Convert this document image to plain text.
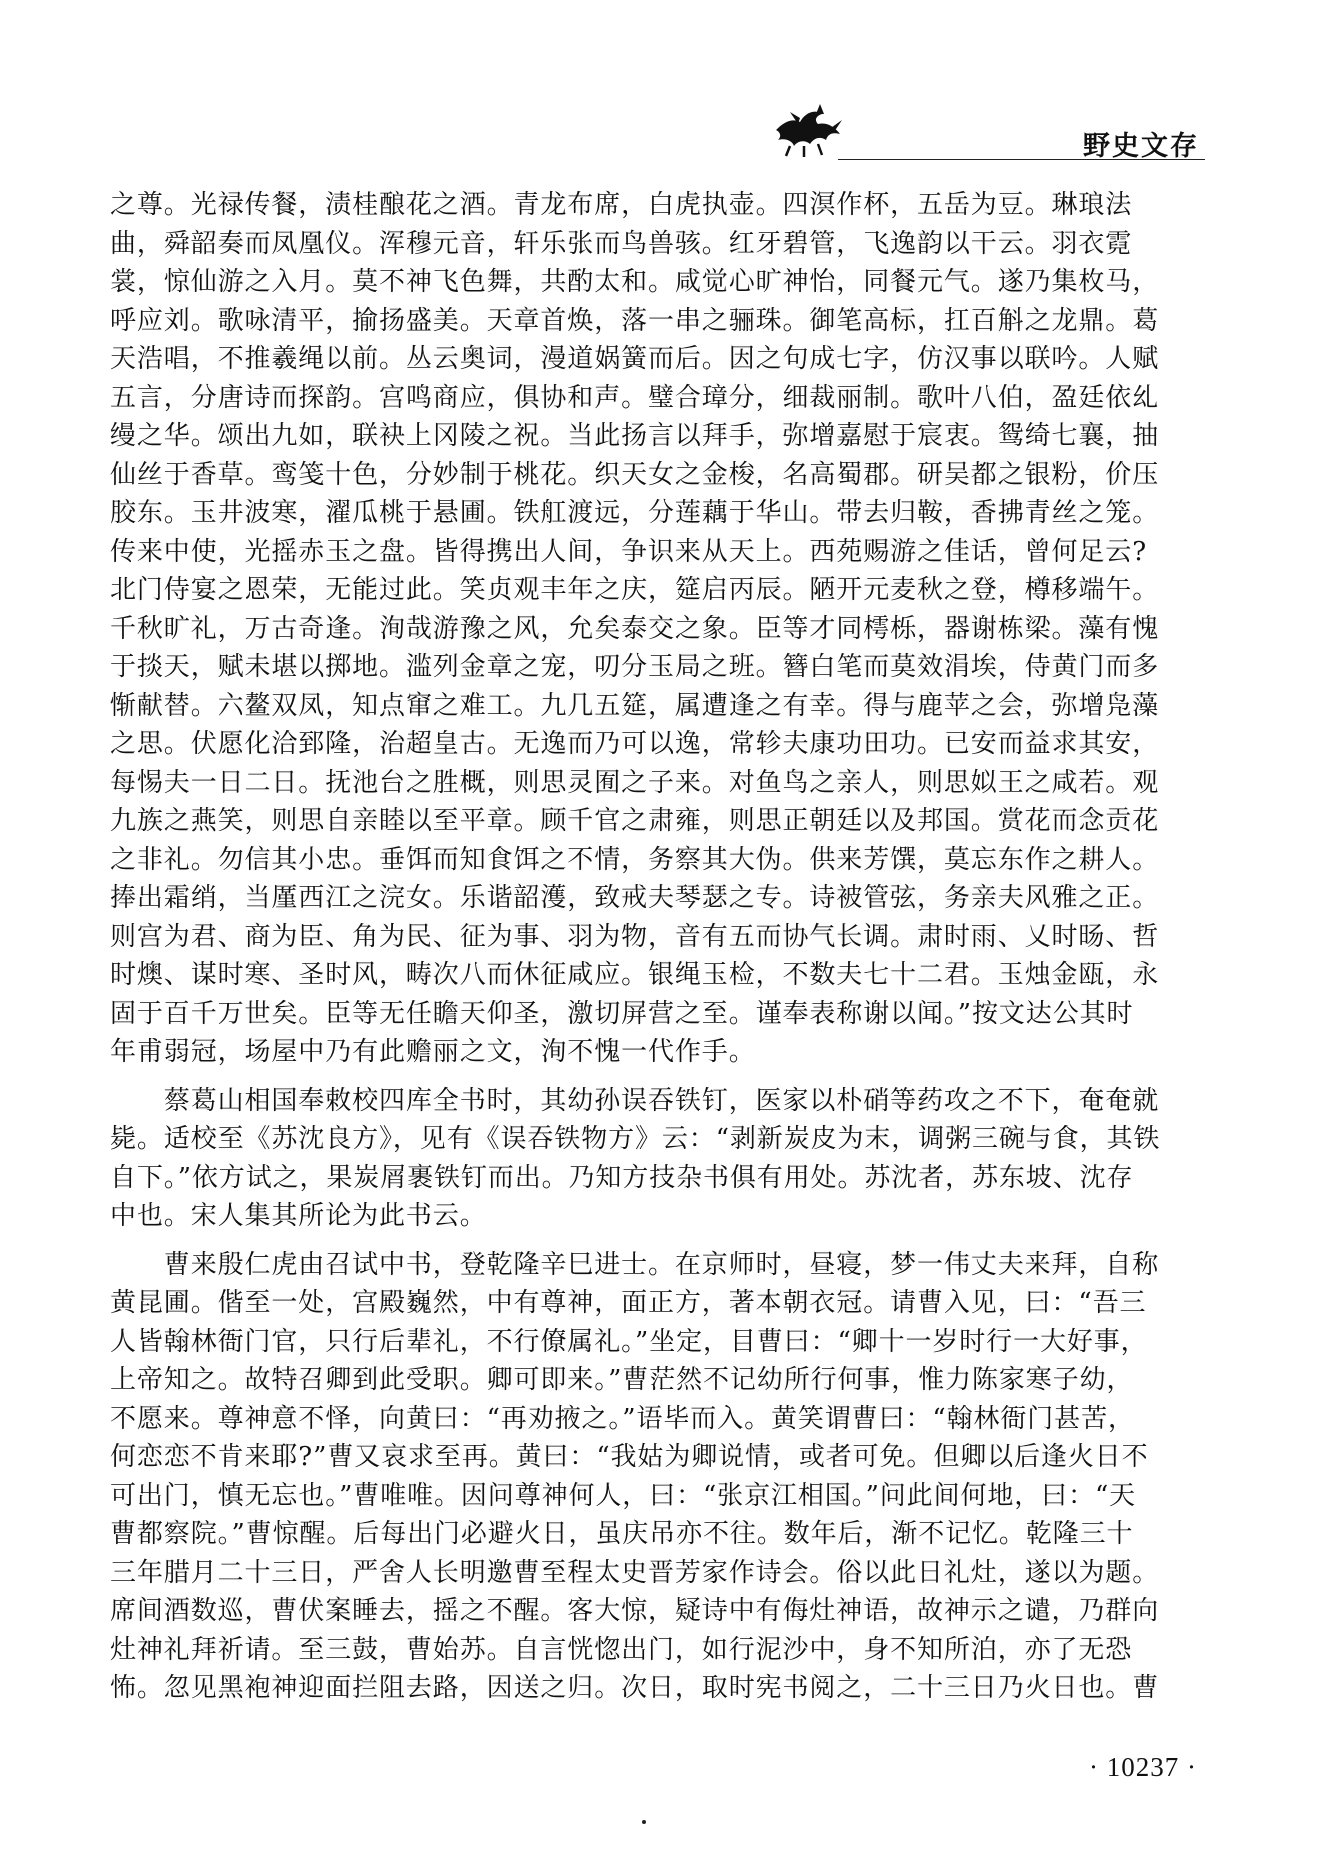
野史文存
之尊。光禄传餐，渍桂酿花之酒。青龙布席，白虎执壶。四溟作杯，五岳为豆。琳琅法
曲，舜韶奏而凤凰仪。浑穆元音，轩乐张而鸟兽骇。红牙碧管，飞逸韵以干云。羽衣霓
裳，惊仙游之入月。莫不神飞色舞，共酌太和。咸觉心旷神怡，同餐元气。遂乃集枚马，
呼应刘。歌咏清平，揄扬盛美。天章首焕，落一串之骊珠。御笔高标，扛百斛之龙鼎。葛
天浩唱，不推羲绳以前。丛云奥词，漫道娲簧而后。因之句成七字，仿汉事以联吟。人赋
五言，分唐诗而探韵。宫鸣商应，俱协和声。璧合璋分，细裁丽制。歌叶八伯，盈廷依乣
缦之华。颂出九如，联袂上冈陵之祝。当此扬言以拜手，弥增嘉慰于宸衷。鸳绮七襄，抽
仙丝于香草。鸾笺十色，分妙制于桃花。织天女之金梭，名高蜀郡。研吴都之银粉，价压
胶东。玉井波寒，濯瓜桃于悬圃。铁舡渡远，分莲藕于华山。带去归鞍，香拂青丝之笼。
传来中使，光摇赤玉之盘。皆得携出人间，争识来从天上。西苑赐游之佳话，曾何足云?
北门侍宴之恩荣，无能过此。笑贞观丰年之庆，筵启丙辰。陋开元麦秋之登，樽移端午。
千秋旷礼，万古奇逢。洵哉游豫之风，允矣泰交之象。臣等才同樗栎，器谢栋梁。藻有愧
于掞天，赋未堪以掷地。滥列金章之宠，叨分玉局之班。簪白笔而莫效涓埃，侍黄门而多
惭献替。六鳌双凤，知点窜之难工。九几五筵，属遭逢之有幸。得与鹿苹之会，弥增凫藻
之思。伏愿化洽郅隆，治超皇古。无逸而乃可以逸，常轸夫康功田功。已安而益求其安，
每惕夫一日二日。抚池台之胜概，则思灵囿之子来。对鱼鸟之亲人，则思姒王之咸若。观
九族之燕笑，则思自亲睦以至平章。顾千官之肃雍，则思正朝廷以及邦国。赏花而念贡花
之非礼。勿信其小忠。垂饵而知食饵之不情，务察其大伪。供来芳馔，莫忘东作之耕人。
捧出霜绡，当厪西江之浣女。乐谐韶濩，致戒夫琴瑟之专。诗被管弦，务亲夫风雅之正。
则宫为君、商为臣、角为民、征为事、羽为物，音有五而协气长调。肃时雨、乂时旸、哲
时燠、谋时寒、圣时风，畴次八而休征咸应。银绳玉检，不数夫七十二君。玉烛金瓯，永
固于百千万世矣。臣等无任瞻天仰圣，激切屏营之至。谨奉表称谢以闻。”按文达公其时
年甫弱冠，场屋中乃有此赡丽之文，洵不愧一代作手。
　　蔡葛山相国奉敕校四库全书时，其幼孙误吞铁钉，医家以朴硝等药攻之不下，奄奄就
毙。适校至《苏沈良方》，见有《误吞铁物方》云：“剥新炭皮为末，调粥三碗与食，其铁
自下。”依方试之，果炭屑裹铁钉而出。乃知方技杂书俱有用处。苏沈者，苏东坡、沈存
中也。宋人集其所论为此书云。
　　曹来殷仁虎由召试中书，登乾隆辛巳进士。在京师时，昼寝，梦一伟丈夫来拜，自称
黄昆圃。偕至一处，宫殿巍然，中有尊神，面正方，著本朝衣冠。请曹入见，曰：“吾三
人皆翰林衙门官，只行后辈礼，不行僚属礼。”坐定，目曹曰：“卿十一岁时行一大好事，
上帝知之。故特召卿到此受职。卿可即来。”曹茫然不记幼所行何事，惟力陈家寒子幼，
不愿来。尊神意不怿，向黄曰：“再劝掖之。”语毕而入。黄笑谓曹曰：“翰林衙门甚苦，
何恋恋不肯来耶?”曹又哀求至再。黄曰：“我姑为卿说情，或者可免。但卿以后逢火日不
可出门，慎无忘也。”曹唯唯。因问尊神何人，曰：“张京江相国。”问此间何地，曰：“天
曹都察院。”曹惊醒。后每出门必避火日，虽庆吊亦不往。数年后，渐不记忆。乾隆三十
三年腊月二十三日，严舍人长明邀曹至程太史晋芳家作诗会。俗以此日礼灶，遂以为题。
席间酒数巡，曹伏案睡去，摇之不醒。客大惊，疑诗中有侮灶神语，故神示之谴，乃群向
灶神礼拜祈请。至三鼓，曹始苏。自言恍惚出门，如行泥沙中，身不知所泊，亦了无恐
怖。忽见黑袍神迎面拦阻去路，因送之归。次日，取时宪书阅之，二十三日乃火日也。曹
· 10237 ·
